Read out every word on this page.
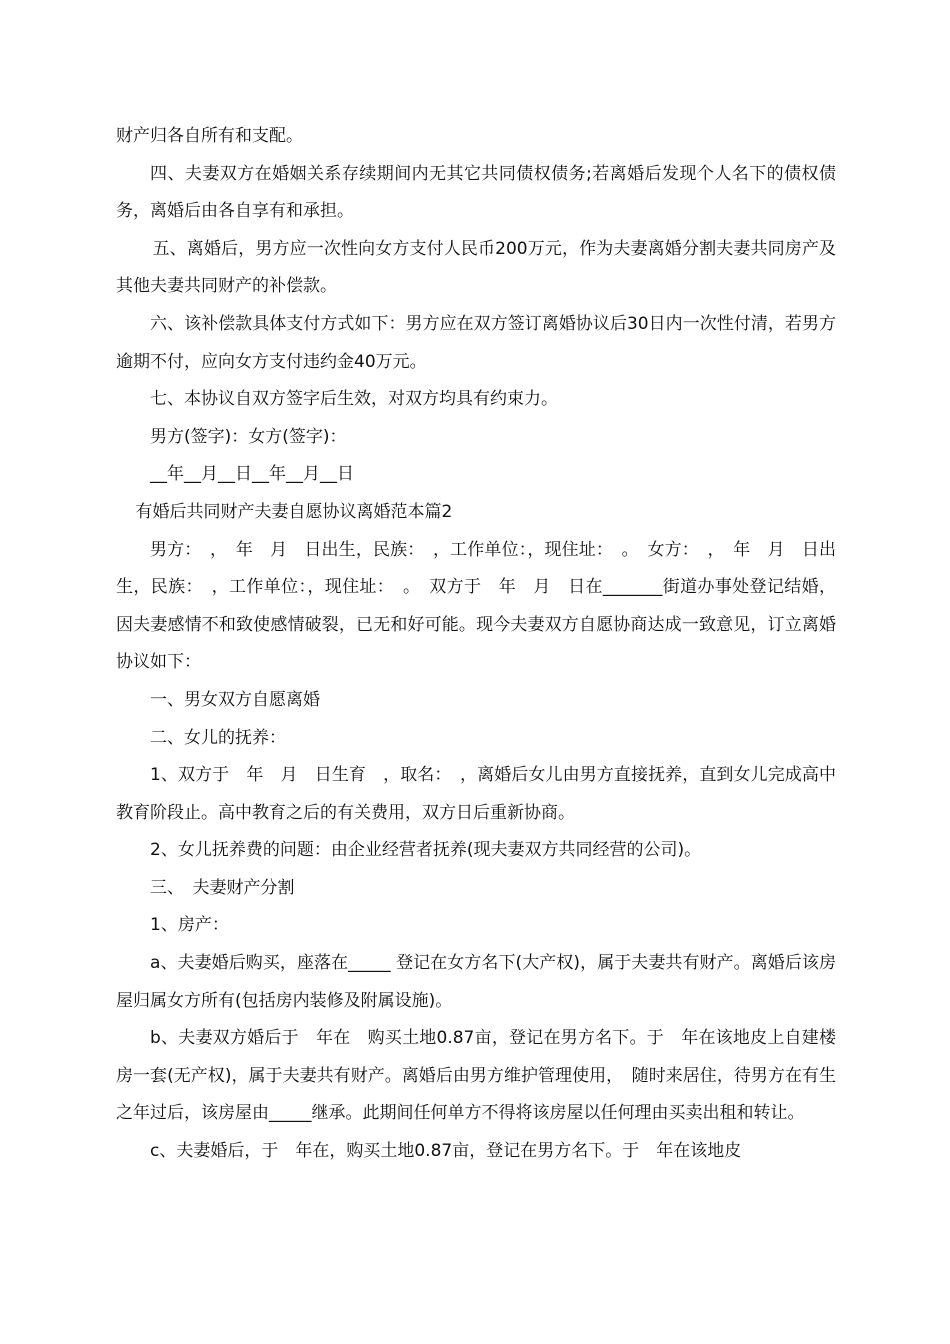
财产归各自所有和支配。

四、夫妻双方在婚姻关系存续期间内无其它共同债权债务;若离婚后发现个人名下的债权债务，离婚后由各自享有和承担。

五、离婚后，男方应一次性向女方支付人民币200万元，作为夫妻离婚分割夫妻共同房产及其他夫妻共同财产的补偿款。

六、该补偿款具体支付方式如下：男方应在双方签订离婚协议后30日内一次性付清，若男方逾期不付，应向女方支付违约金40万元。

七、本协议自双方签字后生效，对双方均具有约束力。

男方(签字)：女方(签字)：

__年__月__日__年__月__日

有婚后共同财产夫妻自愿协议离婚范本篇2

男方：　，　年　月　日出生，民族：　，工作单位：，现住址：　。　女方：　，　年　月　日出生，民族：　，工作单位：，现住址：　。　双方于　年　月　日在_______街道办事处登记结婚，因夫妻感情不和致使感情破裂，已无和好可能。现今夫妻双方自愿协商达成一致意见，订立离婚协议如下：

一、男女双方自愿离婚

二、女儿的抚养：

1、双方于　年　月　日生育　，取名：　，离婚后女儿由男方直接抚养，直到女儿完成高中教育阶段止。高中教育之后的有关费用，双方日后重新协商。

2、女儿抚养费的问题：由企业经营者抚养(现夫妻双方共同经营的公司)。

三、　夫妻财产分割

1、房产：

a、夫妻婚后购买，座落在_____ 登记在女方名下(大产权)，属于夫妻共有财产。离婚后该房屋归属女方所有(包括房内装修及附属设施)。

b、夫妻双方婚后于　年在　购买土地0.87亩，登记在男方名下。于　年在该地皮上自建楼房一套(无产权)，属于夫妻共有财产。离婚后由男方维护管理使用，　随时来居住，待男方在有生之年过后，该房屋由_____继承。此期间任何单方不得将该房屋以任何理由买卖出租和转让。

c、夫妻婚后，于　年在，购买土地0.87亩，登记在男方名下。于　年在该地皮
